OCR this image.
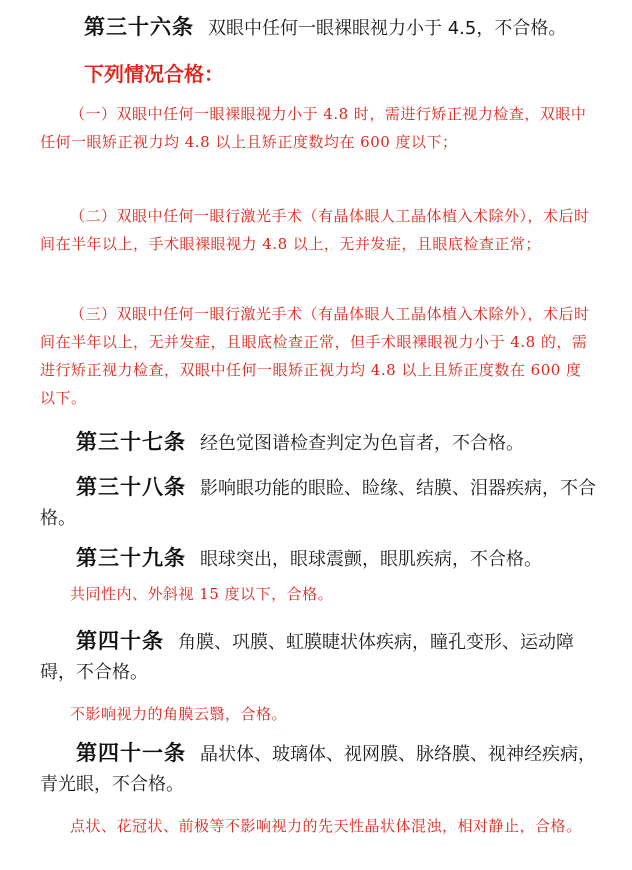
第三十六条 双眼中任何一眼裸眼视力小于 4.5，不合格。
下列情况合格：
（一）双眼中任何一眼裸眼视力小于 4.8 时，需进行矫正视力检查，双眼中任何一眼矫正视力均 4.8 以上且矫正度数均在 600 度以下；
（二）双眼中任何一眼行激光手术（有晶体眼人工晶体植入术除外），术后时间在半年以上，手术眼裸眼视力 4.8 以上，无并发症，且眼底检查正常；
（三）双眼中任何一眼行激光手术（有晶体眼人工晶体植入术除外），术后时间在半年以上，无并发症，且眼底检查正常，但手术眼裸眼视力小于 4.8 的，需进行矫正视力检查，双眼中任何一眼矫正视力均 4.8 以上且矫正度数在 600 度以下。
第三十七条 经色觉图谱检查判定为色盲者，不合格。
第三十八条 影响眼功能的眼睑、睑缘、结膜、泪器疾病，不合格。
第三十九条 眼球突出，眼球震颤，眼肌疾病，不合格。
共同性内、外斜视 15 度以下，合格。
第四十条 角膜、巩膜、虹膜睫状体疾病，瞳孔变形、运动障碍，不合格。
不影响视力的角膜云翳，合格。
第四十一条 晶状体、玻璃体、视网膜、脉络膜、视神经疾病，青光眼，不合格。
点状、花冠状、前极等不影响视力的先天性晶状体混浊，相对静止，合格。
